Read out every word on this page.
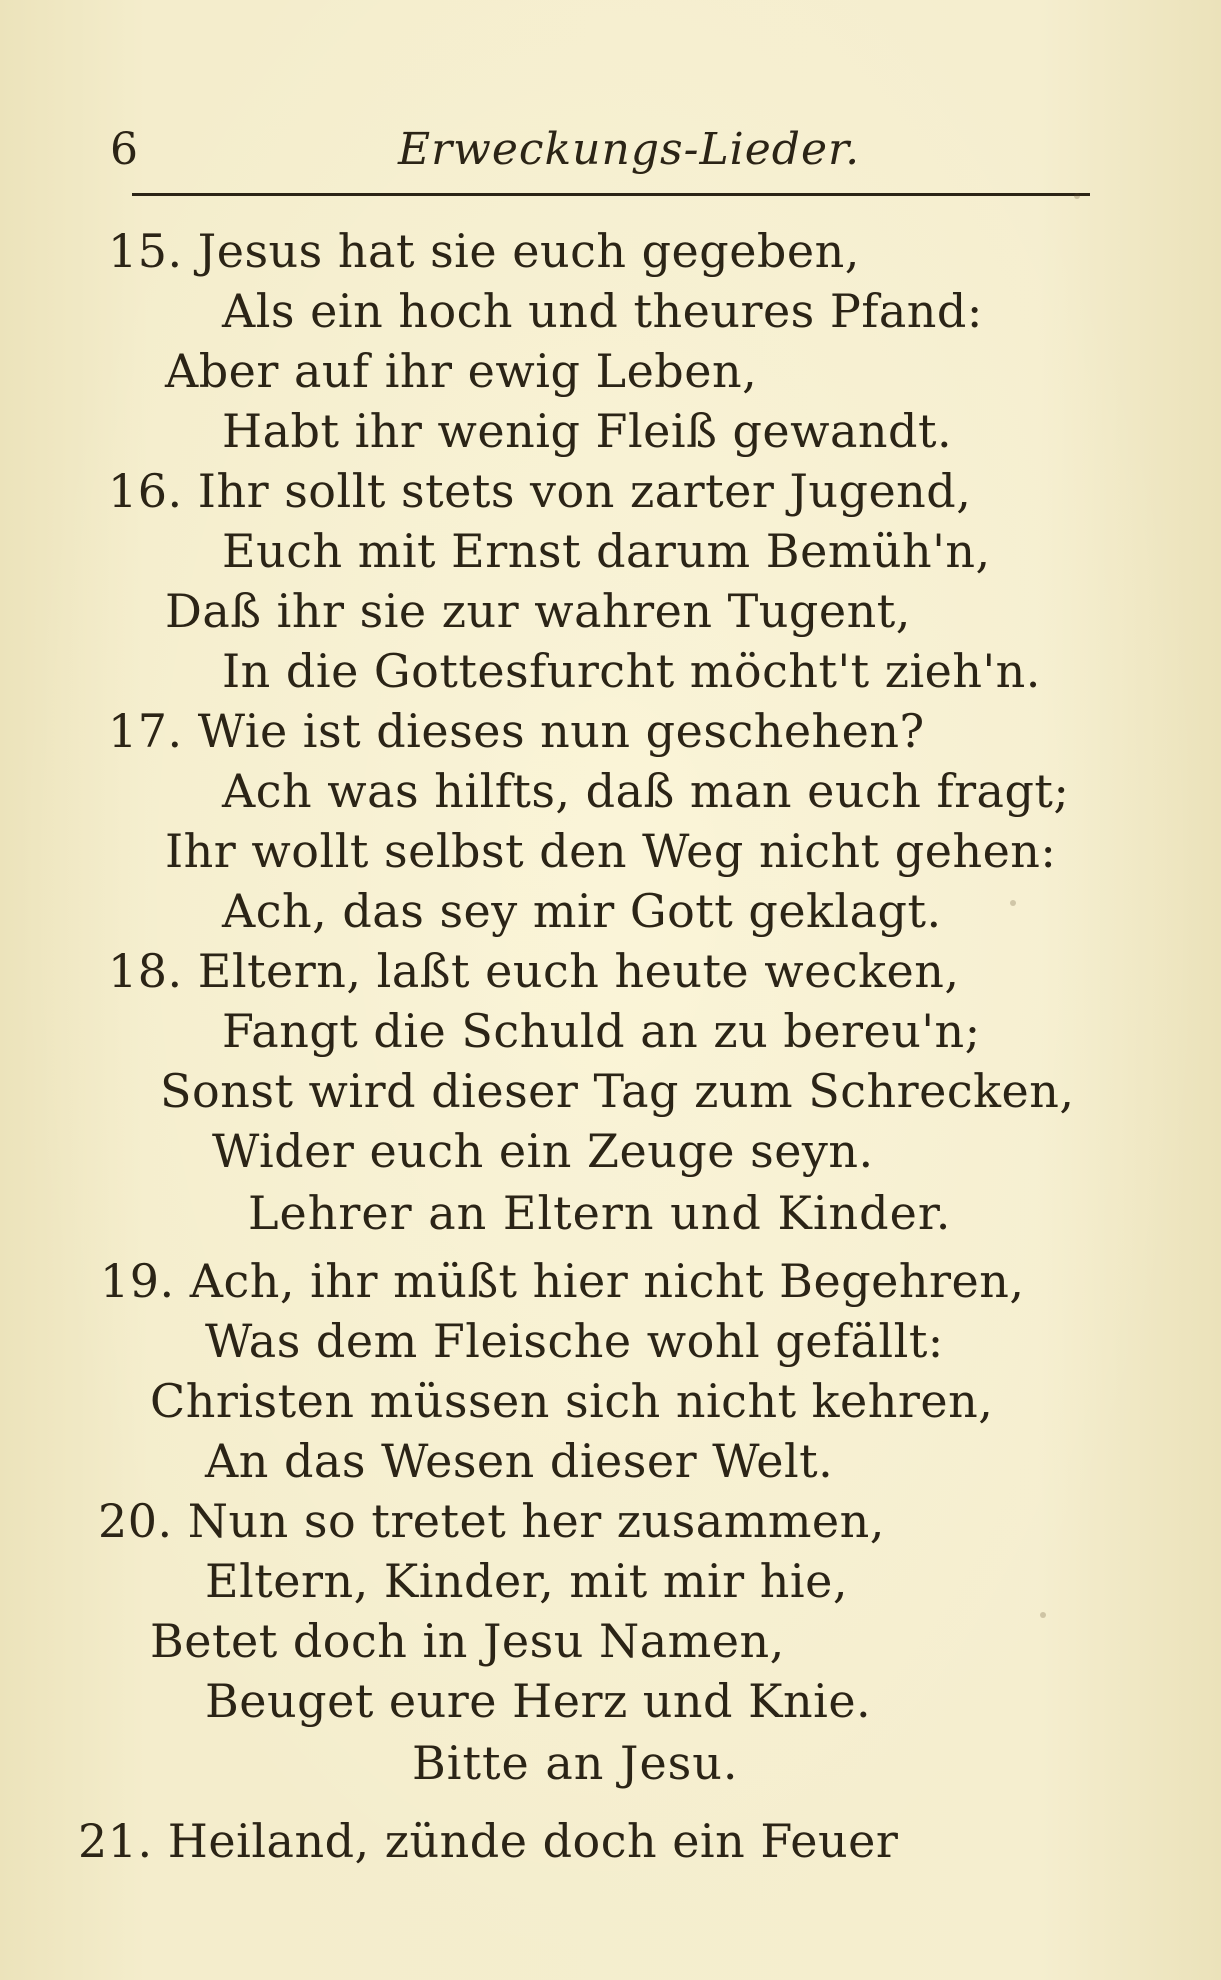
6	Erweckungs-Lieder.
15. Jesus hat sie euch gegeben,
Als ein hoch und theures Pfand:
Aber auf ihr ewig Leben,
Habt ihr wenig Fleiß gewandt.
16. Ihr sollt stets von zarter Jugend,
Euch mit Ernst darum Bemüh'n,
Daß ihr sie zur wahren Tugent,
In die Gottesfurcht möcht't zieh'n.
17. Wie ist dieses nun geschehen?
Ach was hilfts, daß man euch fragt;
Ihr wollt selbst den Weg nicht gehen:
Ach, das sey mir Gott geklagt.
18. Eltern, laßt euch heute wecken,
Fangt die Schuld an zu bereu'n;
Sonst wird dieser Tag zum Schrecken,
Wider euch ein Zeuge seyn.
Lehrer an Eltern und Kinder.
19. Ach, ihr müßt hier nicht Begehren,
Was dem Fleische wohl gefällt:
Christen müssen sich nicht kehren,
An das Wesen dieser Welt.
20. Nun so tretet her zusammen,
Eltern, Kinder, mit mir hie,
Betet doch in Jesu Namen,
Beuget eure Herz und Knie.
Bitte an Jesu.
21. Heiland, zünde doch ein Feuer
